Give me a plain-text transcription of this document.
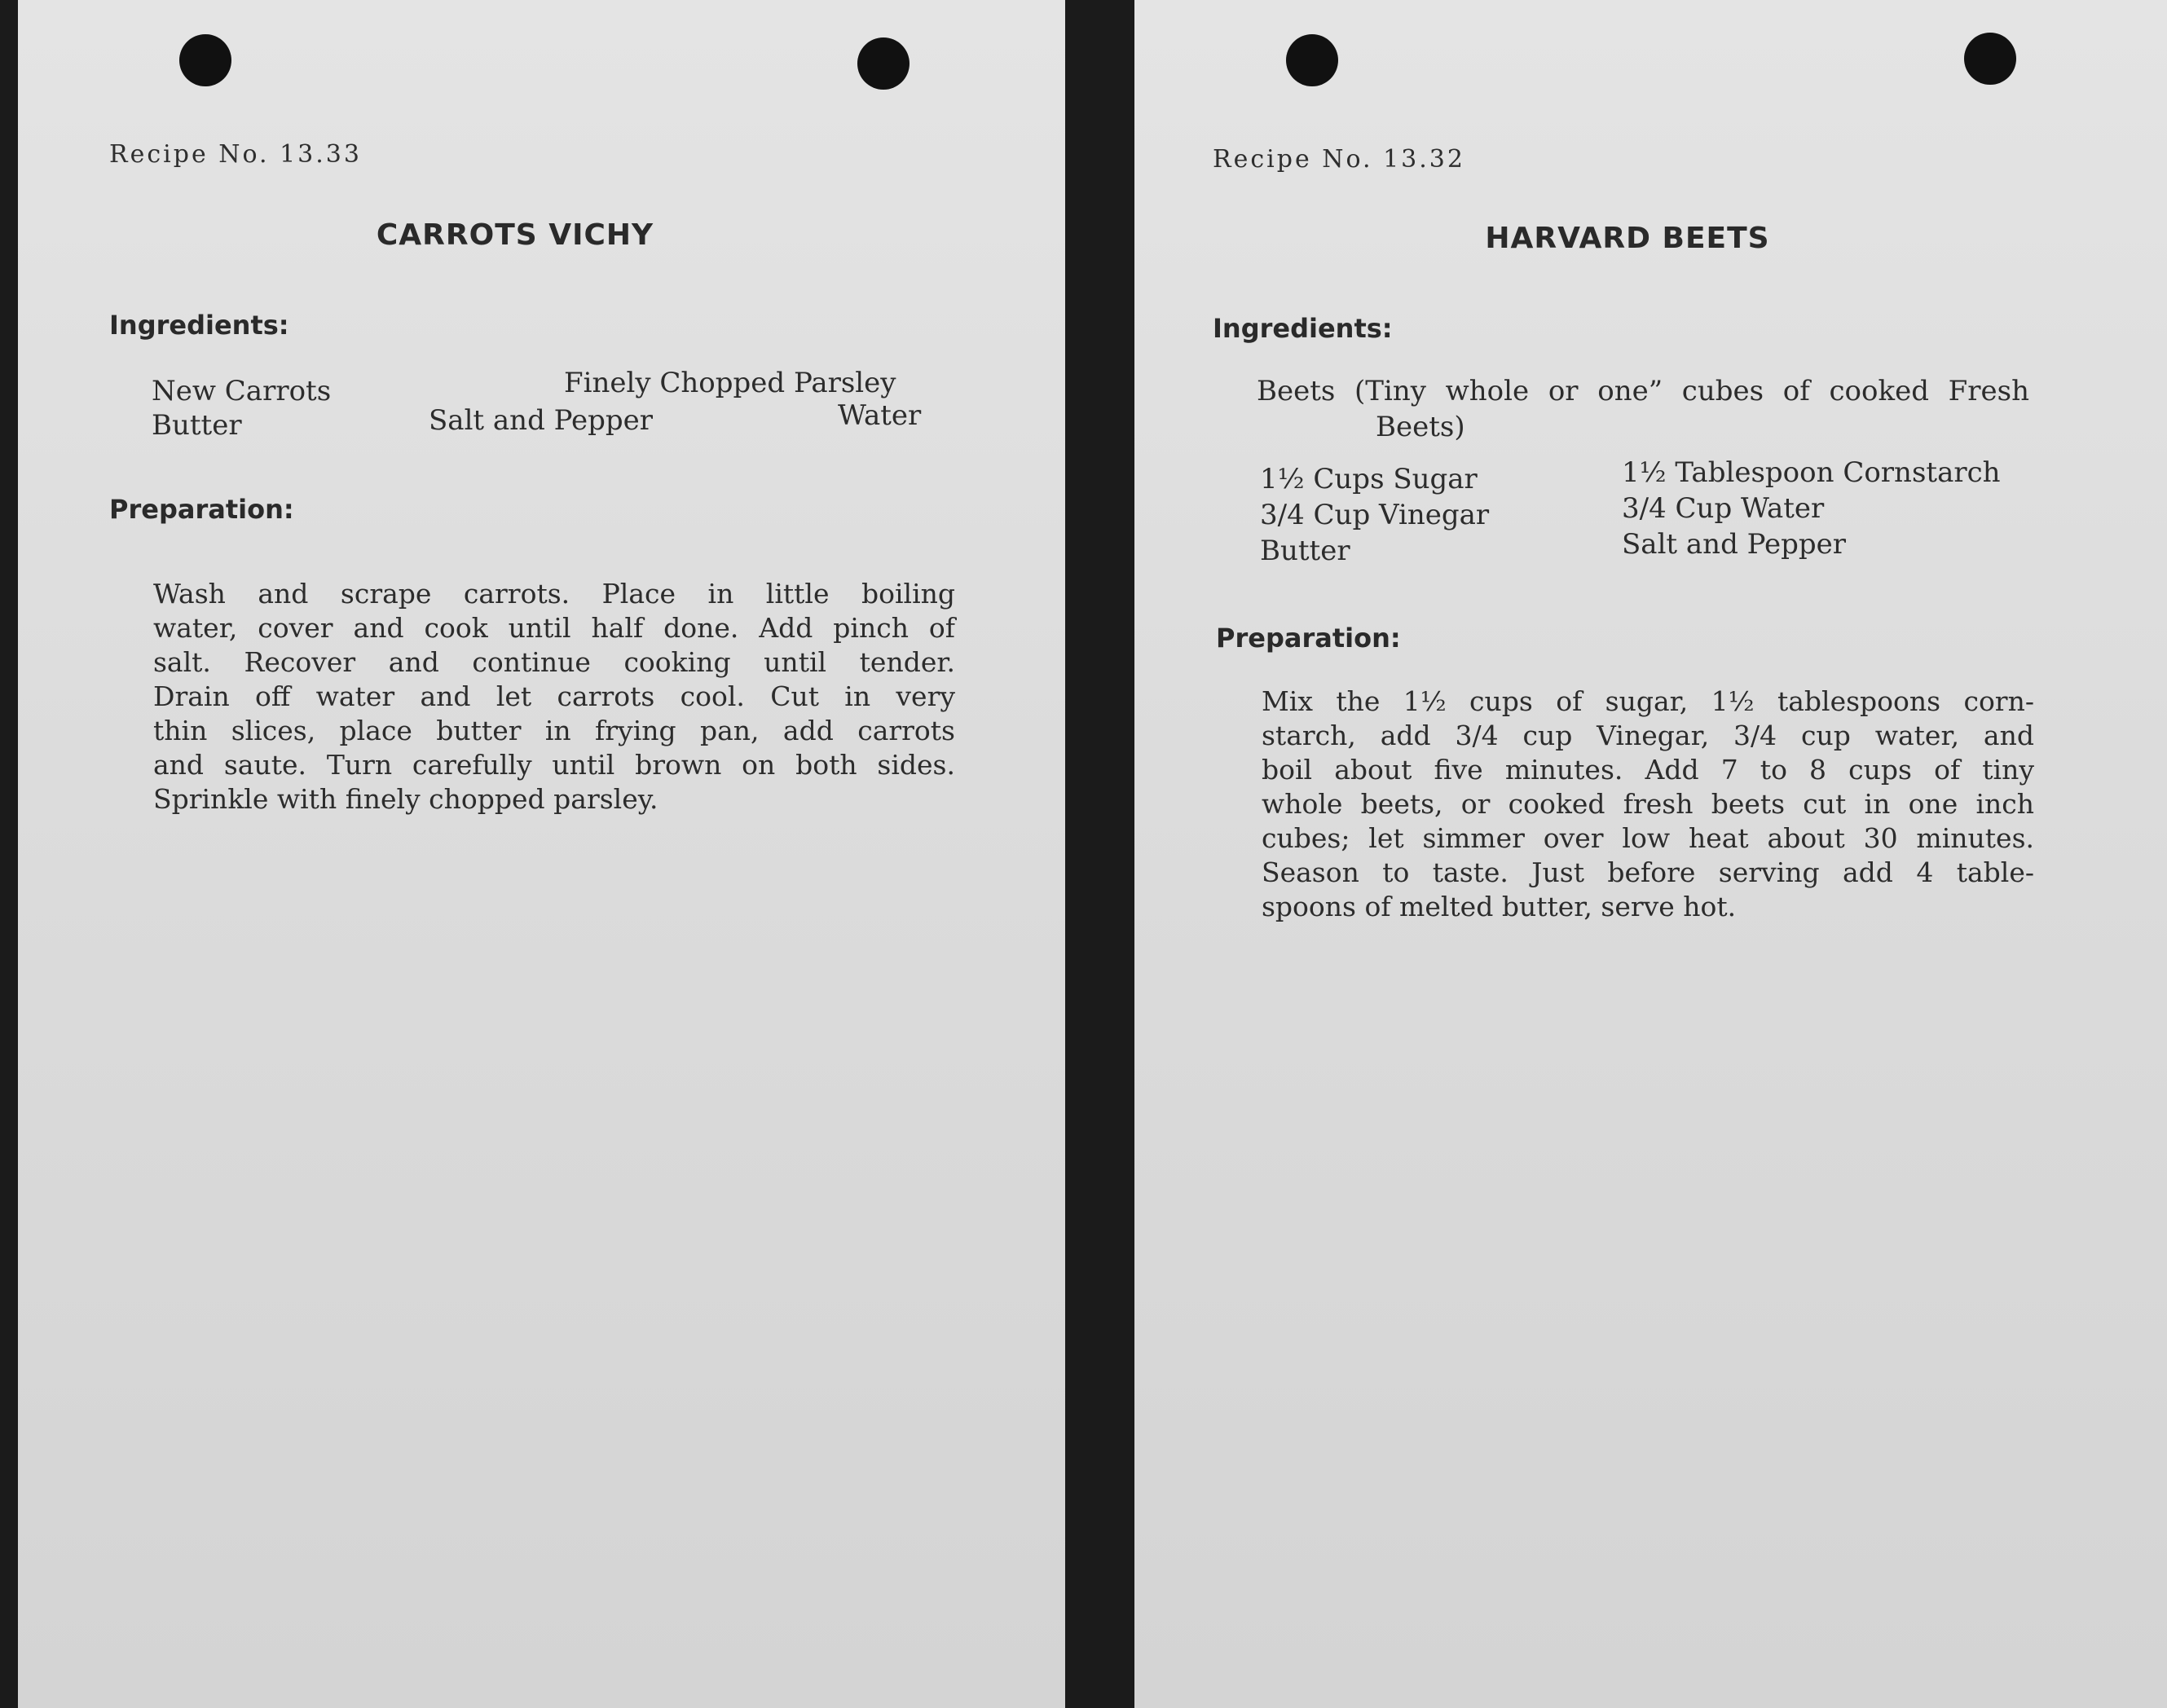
Recipe No. 13.33
CARROTS VICHY
Ingredients:
New Carrots	Finely Chopped Parsley
Butter	Salt and Pepper	Water
Preparation:
Wash and scrape carrots. Place in little boiling
water, cover and cook until half done. Add pinch of
salt. Recover and continue cooking until tender.
Drain off water and let carrots cool. Cut in very
thin slices, place butter in frying pan, add carrots
and saute. Turn carefully until brown on both sides.
Sprinkle with finely chopped parsley.
Recipe No. 13.32
HARVARD BEETS
Ingredients:
Beets (Tiny whole or one” cubes of cooked Fresh
Beets)
1½ Cups Sugar	1½ Tablespoon Cornstarch
3/4 Cup Vinegar	3/4 Cup Water
Butter	Salt and Pepper
Preparation:
Mix the 1½ cups of sugar, 1½ tablespoons corn-
starch, add 3/4 cup Vinegar, 3/4 cup water, and
boil about five minutes. Add 7 to 8 cups of tiny
whole beets, or cooked fresh beets cut in one inch
cubes; let simmer over low heat about 30 minutes.
Season to taste. Just before serving add 4 table-
spoons of melted butter, serve hot.
